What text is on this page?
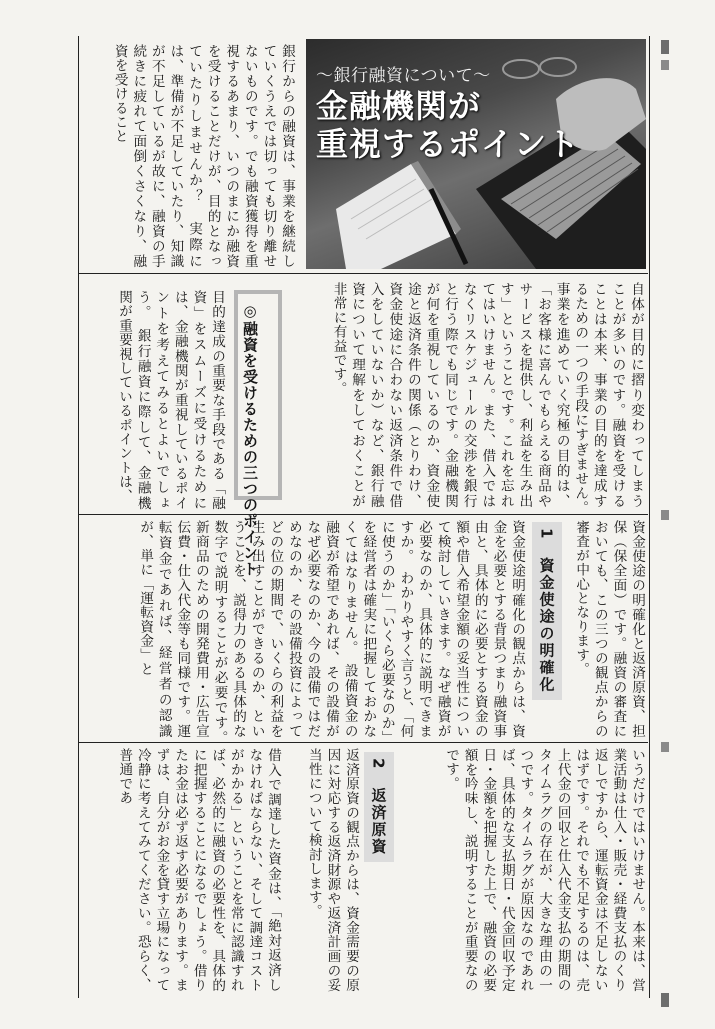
〜銀行融資について〜
金融機関が
重視するポイント

銀行からの融資は、事業を継続していくうえでは切っても切り離せないものです。でも融資獲得を重視するあまり、いつのまにか融資を受けることだけが、目的となっていたりしませんか？　実際には、準備が不足していたり、知識が不足しているが故に、融資の手続きに疲れて面倒くさくなり、融資を受けること

自体が目的に摺り変わってしまうことが多いのです。融資を受けることは本来、事業の目的を達成するための一つの手段にすぎません。　事業を進めていく究極の目的は、「お客様に喜んでもらえる商品やサービスを提供し、利益を生み出す」ということです。これを忘れてはいけません。また、借入ではなくリスケジュールの交渉を銀行と行う際でも同じです。金融機関が何を重視しているのか、資金使途と返済条件の関係（とりわけ、資金使途に合わない返済条件で借入をしていないか）など、銀行融資について理解をしておくことが非常に有益です。

◎融資を受けるための三つのポイント

目的達成の重要な手段である「融資」をスムーズに受けるためには、金融機関が重視しているポイントを考えてみるとよいでしょう。　銀行融資に際して、金融機関が重要視しているポイントは、

資金使途の明確化と返済原資、担保（保全面）です。融資の審査においても、この三つの観点からの審査が中心となります。

1　資金使途の明確化

資金使途明確化の観点からは、資金を必要とする背景つまり融資事由と、具体的に必要とする資金の額や借入希望金額の妥当性について検討していきます。なぜ融資が必要なのか、具体的に説明できますか。　わかりやすく言うと、「何に使うのか」「いくら必要なのか」を経営者は確実に把握しておかなくてはなりません。　設備資金の融資が希望であれば、その設備がなぜ必要なのか、今の設備ではだめなのか、その設備投資によってどの位の期間で、いくらの利益を生み出すことができるのか、ということを、説得力のある具体的な数字で説明することが必要です。　新商品のための開発費用・広告宣伝費・仕入代金等も同様です。運転資金であれば、経営者の認識が、単に「運転資金」と

いうだけではいけません。本来は、営業活動は仕入・販売・経費支払のくり返しですから、運転資金は不足しないはずです。それでも不足するのは、売上代金の回収と仕入代金支払の期間のタイムラグの存在が、大きな理由の一つです。タイムラグが原因なのであれば、具体的な支払期日・代金回収予定日・金額を把握した上で、融資の必要額を吟味し、説明することが重要なのです。

2　返済原資

返済原資の観点からは、資金需要の原因に対応する返済財源や返済計画の妥当性について検討します。

借入で調達した資金は、「絶対返済しなければならない、そして調達コストがかかる」ということを常に認識すれば、必然的に融資の必要性を、具体的に把握することになるでしょう。借りたお金は必ず返す必要があります。まずは、自分がお金を貸す立場になって冷静に考えてみてください。恐らく、普通であ
